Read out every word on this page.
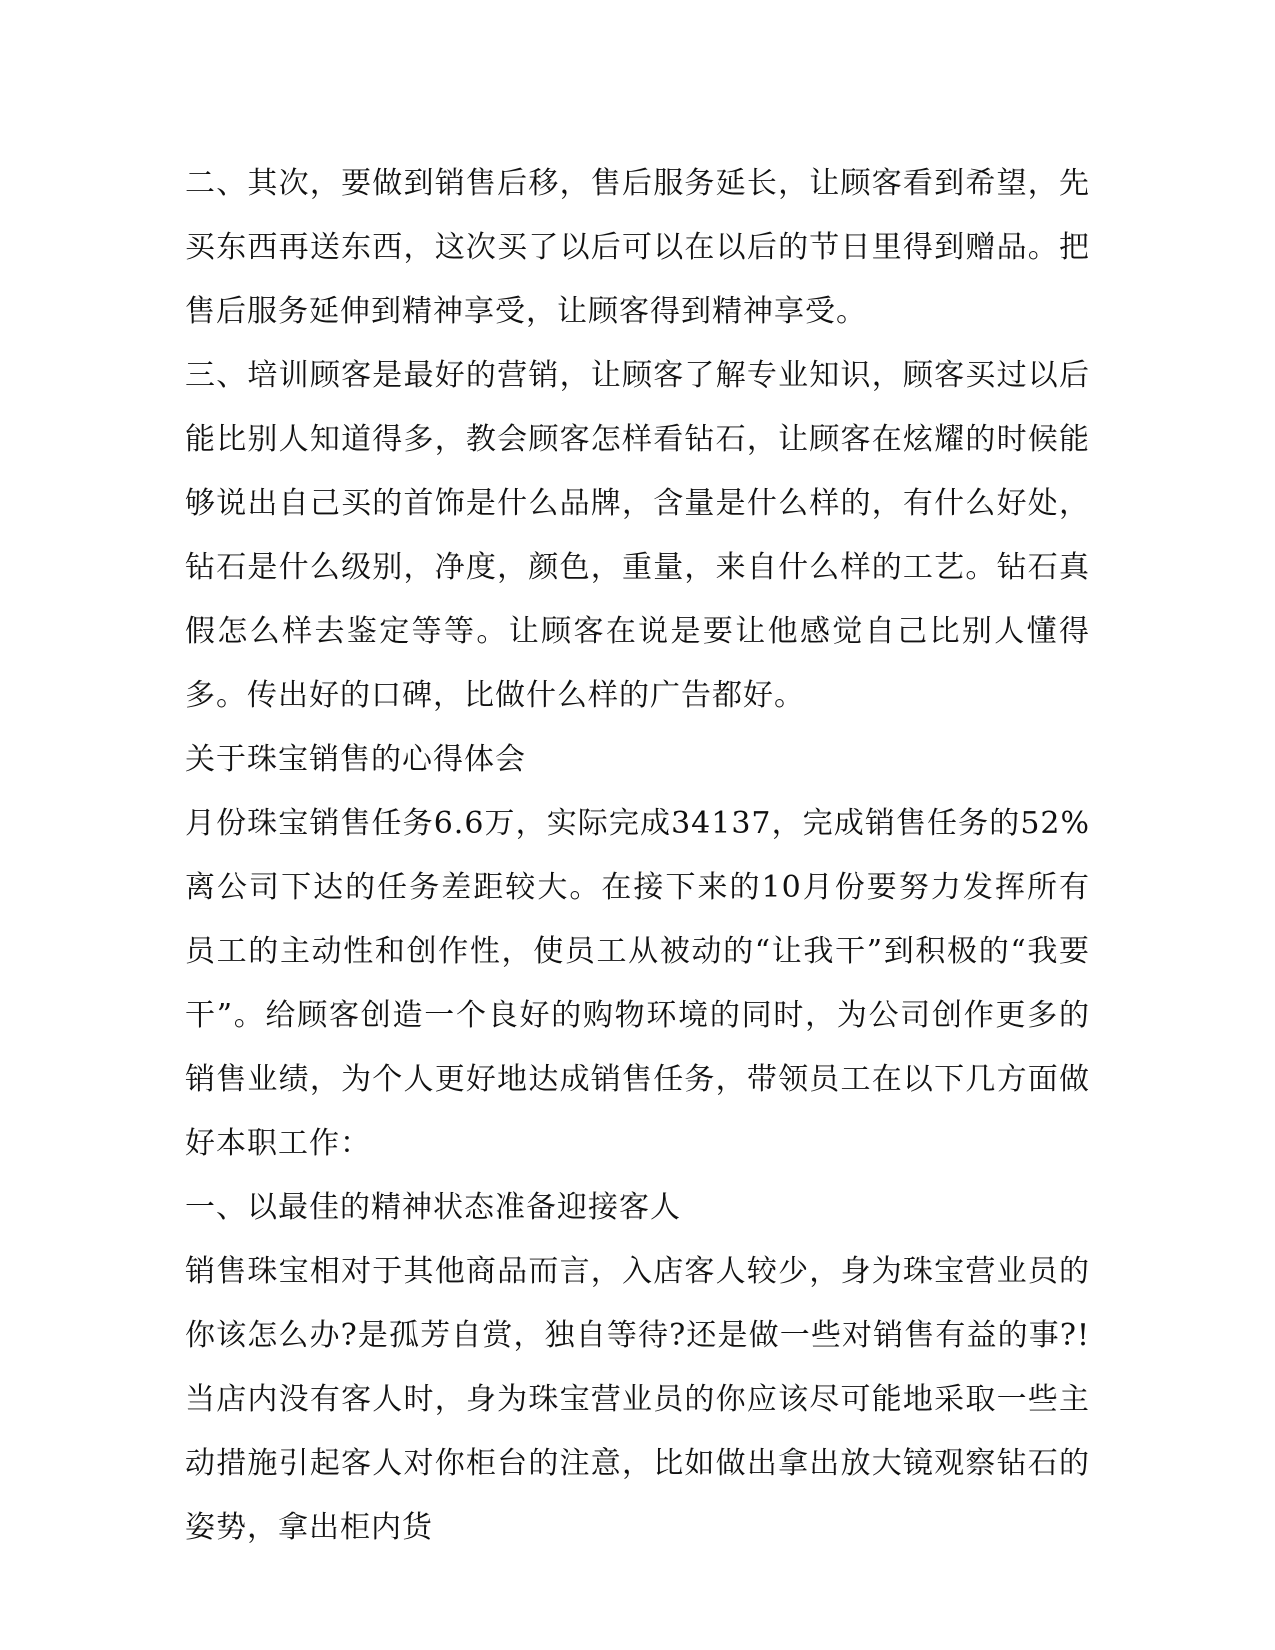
二、其次，要做到销售后移，售后服务延长，让顾客看到希望，先买东西再送东西，这次买了以后可以在以后的节日里得到赠品。把售后服务延伸到精神享受，让顾客得到精神享受。

三、培训顾客是最好的营销，让顾客了解专业知识，顾客买过以后能比别人知道得多，教会顾客怎样看钻石，让顾客在炫耀的时候能够说出自己买的首饰是什么品牌，含量是什么样的，有什么好处，钻石是什么级别，净度，颜色，重量，来自什么样的工艺。钻石真假怎么样去鉴定等等。让顾客在说是要让他感觉自己比别人懂得多。传出好的口碑，比做什么样的广告都好。

关于珠宝销售的心得体会

月份珠宝销售任务6.6万，实际完成34137，完成销售任务的52%离公司下达的任务差距较大。在接下来的10月份要努力发挥所有员工的主动性和创作性，使员工从被动的“让我干”到积极的“我要干”。给顾客创造一个良好的购物环境的同时，为公司创作更多的销售业绩，为个人更好地达成销售任务，带领员工在以下几方面做好本职工作：

一、以最佳的精神状态准备迎接客人

销售珠宝相对于其他商品而言，入店客人较少，身为珠宝营业员的你该怎么办?是孤芳自赏，独自等待?还是做一些对销售有益的事?!当店内没有客人时，身为珠宝营业员的你应该尽可能地采取一些主动措施引起客人对你柜台的注意，比如做出拿出放大镜观察钻石的姿势，拿出柜内货
